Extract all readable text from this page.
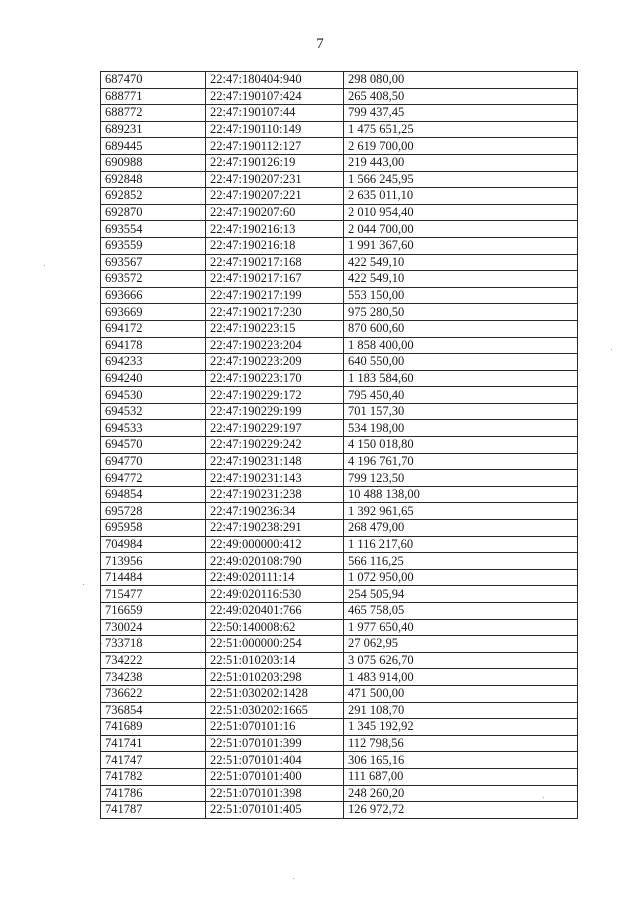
7
687470	22:47:180404:940	298 080,00
688771	22:47:190107:424	265 408,50
688772	22:47:190107:44	799 437,45
689231	22:47:190110:149	1 475 651,25
689445	22:47:190112:127	2 619 700,00
690988	22:47:190126:19	219 443,00
692848	22:47:190207:231	1 566 245,95
692852	22:47:190207:221	2 635 011,10
692870	22:47:190207:60	2 010 954,40
693554	22:47:190216:13	2 044 700,00
693559	22:47:190216:18	1 991 367,60
693567	22:47:190217:168	422 549,10
693572	22:47:190217:167	422 549,10
693666	22:47:190217:199	553 150,00
693669	22:47:190217:230	975 280,50
694172	22:47:190223:15	870 600,60
694178	22:47:190223:204	1 858 400,00
694233	22:47:190223:209	640 550,00
694240	22:47:190223:170	1 183 584,60
694530	22:47:190229:172	795 450,40
694532	22:47:190229:199	701 157,30
694533	22:47:190229:197	534 198,00
694570	22:47:190229:242	4 150 018,80
694770	22:47:190231:148	4 196 761,70
694772	22:47:190231:143	799 123,50
694854	22:47:190231:238	10 488 138,00
695728	22:47:190236:34	1 392 961,65
695958	22:47:190238:291	268 479,00
704984	22:49:000000:412	1 116 217,60
713956	22:49:020108:790	566 116,25
714484	22:49:020111:14	1 072 950,00
715477	22:49:020116:530	254 505,94
716659	22:49:020401:766	465 758,05
730024	22:50:140008:62	1 977 650,40
733718	22:51:000000:254	27 062,95
734222	22:51:010203:14	3 075 626,70
734238	22:51:010203:298	1 483 914,00
736622	22:51:030202:1428	471 500,00
736854	22:51:030202:1665	291 108,70
741689	22:51:070101:16	1 345 192,92
741741	22:51:070101:399	112 798,56
741747	22:51:070101:404	306 165,16
741782	22:51:070101:400	111 687,00
741786	22:51:070101:398	248 260,20
741787	22:51:070101:405	126 972,72
